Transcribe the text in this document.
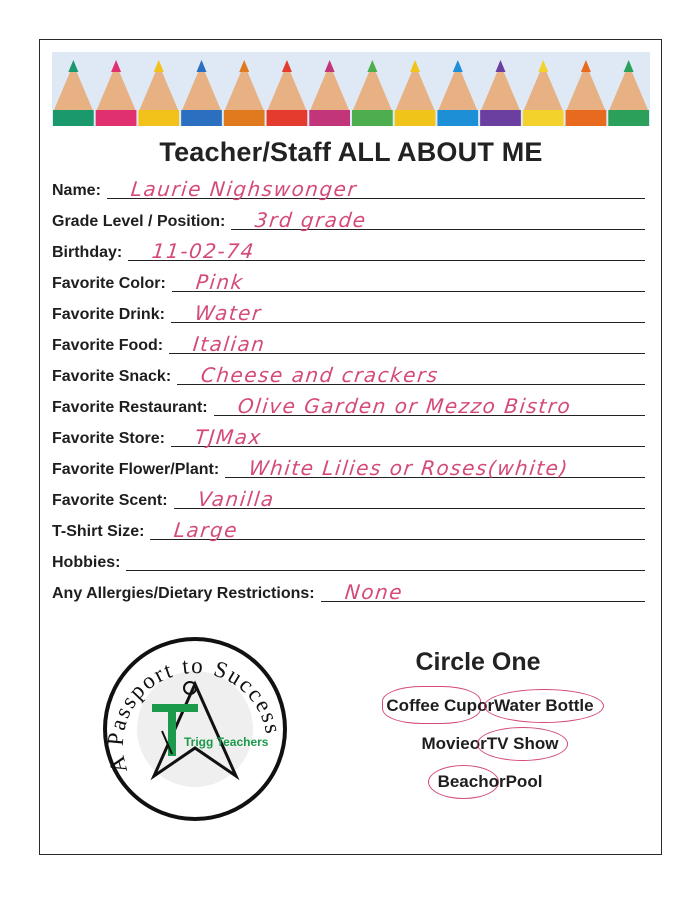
Teacher/Staff ALL ABOUT ME
Name: Laurie Nighswonger
Grade Level / Position: 3rd grade
Birthday: 11-02-74
Favorite Color: Pink
Favorite Drink: Water
Favorite Food: Italian
Favorite Snack: Cheese and crackers
Favorite Restaurant: Olive Garden or Mezzo Bistro
Favorite Store: TJMax
Favorite Flower/Plant: White Lilies or Roses(white)
Favorite Scent: Vanilla
T-Shirt Size: Large
Hobbies:
Any Allergies/Dietary Restrictions: None
A Passport to Success
Trigg Teachers
Circle One
Coffee Cup
orWater Bottle
MovieorTV Show
Beach
orPool
